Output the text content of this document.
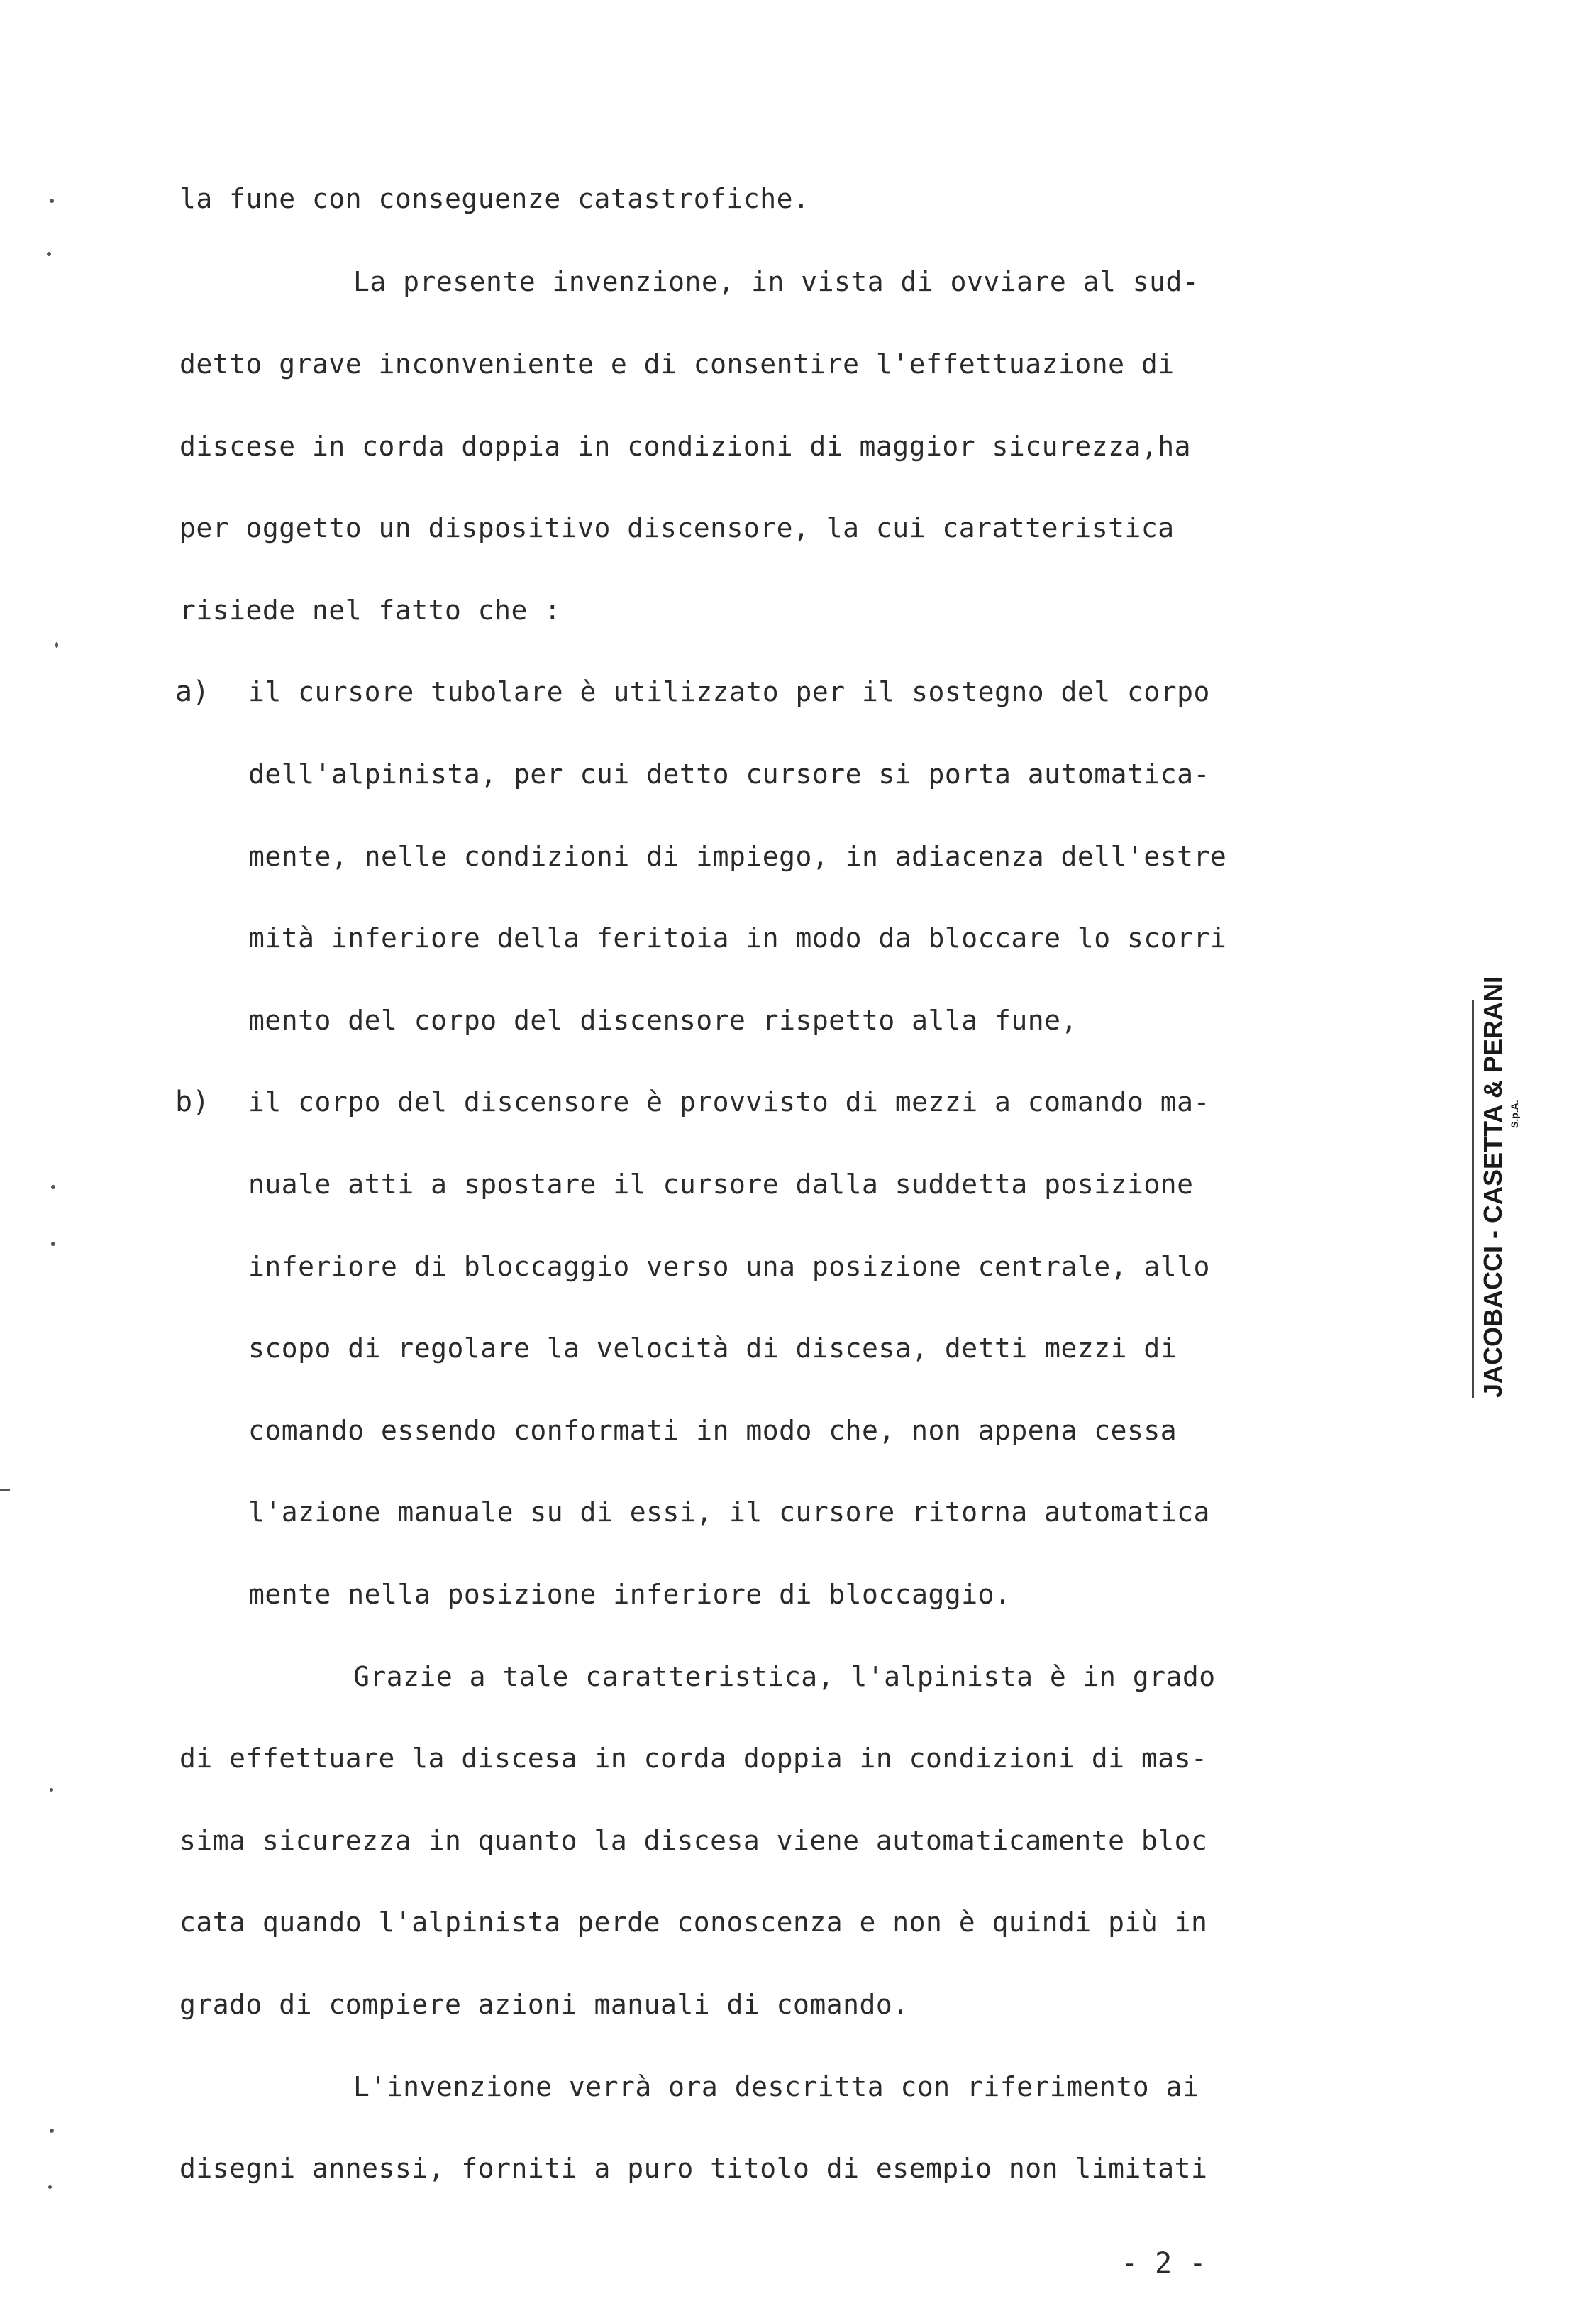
la fune con conseguenze catastrofiche.
La presente invenzione, in vista di ovviare al sud-
detto grave inconveniente e di consentire l'effettuazione di
discese in corda doppia in condizioni di maggior sicurezza,ha
per oggetto un dispositivo discensore, la cui caratteristica
risiede nel fatto che :
a) il cursore tubolare è utilizzato per il sostegno del corpo
dell'alpinista, per cui detto cursore si porta automatica-
mente, nelle condizioni di impiego, in adiacenza dell'estre
mità inferiore della feritoia in modo da bloccare lo scorri
mento del corpo del discensore rispetto alla fune,
b) il corpo del discensore è provvisto di mezzi a comando ma-
nuale atti a spostare il cursore dalla suddetta posizione
inferiore di bloccaggio verso una posizione centrale, allo
scopo di regolare la velocità di discesa, detti mezzi di
comando essendo conformati in modo che, non appena cessa
l'azione manuale su di essi, il cursore ritorna automatica
mente nella posizione inferiore di bloccaggio.
Grazie a tale caratteristica, l'alpinista è in grado
di effettuare la discesa in corda doppia in condizioni di mas-
sima sicurezza in quanto la discesa viene automaticamente bloc
cata quando l'alpinista perde conoscenza e non è quindi più in
grado di compiere azioni manuali di comando.
L'invenzione verrà ora descritta con riferimento ai
disegni annessi, forniti a puro titolo di esempio non limitati
- 2 -
JACOBACCI - CASETTA & PERANI S.p.A.
